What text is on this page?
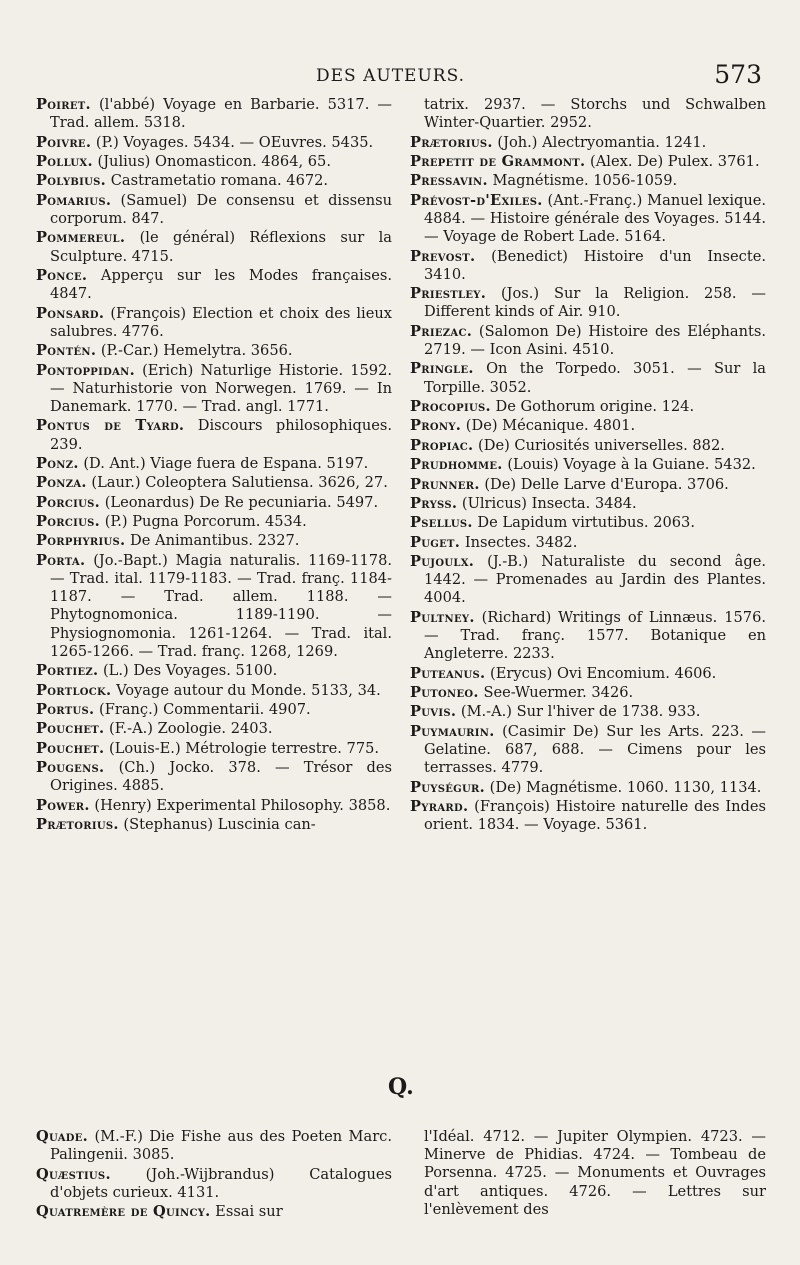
DES AUTEURS.	573

Poiret. (l'abbé) Voyage en Barbarie. 5317. — Trad. allem. 5318.

Poivre. (P.) Voyages. 5434. — OEuvres. 5435.

Pollux. (Julius) Onomasticon. 4864, 65.

Polybius. Castrametatio romana. 4672.

Pomarius. (Samuel) De consensu et dissensu corporum. 847.

Pommereul. (le général) Réflexions sur la Sculpture. 4715.

Ponce. Apperçu sur les Modes françaises. 4847.

Ponsard. (François) Election et choix des lieux salubres. 4776.

Pontén. (P.-Car.) Hemelytra. 3656.

Pontoppidan. (Erich) Naturlige Historie. 1592. — Naturhistorie von Norwegen. 1769. — In Danemark. 1770. — Trad. angl. 1771.

Pontus de Tyard. Discours philosophiques. 239.

Ponz. (D. Ant.) Viage fuera de Espana. 5197.

Ponza. (Laur.) Coleoptera Salutiensa. 3626, 27.

Porcius. (Leonardus) De Re pecuniaria. 5497.

Porcius. (P.) Pugna Porcorum. 4534.

Porphyrius. De Animantibus. 2327.

Porta. (Jo.-Bapt.) Magia naturalis. 1169-1178. — Trad. ital. 1179-1183. — Trad. franç. 1184-1187. — Trad. allem. 1188. — Phytognomonica. 1189-1190. — Physiognomonia. 1261-1264. — Trad. ital. 1265-1266. — Trad. franç. 1268, 1269.

Portiez. (L.) Des Voyages. 5100.

Portlock. Voyage autour du Monde. 5133, 34.

Portus. (Franç.) Commentarii. 4907.

Pouchet. (F.-A.) Zoologie. 2403.

Pouchet. (Louis-E.) Métrologie terrestre. 775.

Pougens. (Ch.) Jocko. 378. — Trésor des Origines. 4885.

Power. (Henry) Experimental Philosophy. 3858.

Prætorius. (Stephanus) Luscinia can-

tatrix. 2937. — Storchs und Schwalben Winter-Quartier. 2952.

Prætorius. (Joh.) Alectryomantia. 1241.

Prepetit de Grammont. (Alex. De) Pulex. 3761.

Pressavin. Magnétisme. 1056-1059.

Prévost-d'Exiles. (Ant.-Franç.) Manuel lexique. 4884. — Histoire générale des Voyages. 5144. — Voyage de Robert Lade. 5164.

Prevost. (Benedict) Histoire d'un Insecte. 3410.

Priestley. (Jos.) Sur la Religion. 258. — Different kinds of Air. 910.

Priezac. (Salomon De) Histoire des Eléphants. 2719. — Icon Asini. 4510.

Pringle. On the Torpedo. 3051. — Sur la Torpille. 3052.

Procopius. De Gothorum origine. 124.

Prony. (De) Mécanique. 4801.

Propiac. (De) Curiosités universelles. 882.

Prudhomme. (Louis) Voyage à la Guiane. 5432.

Prunner. (De) Delle Larve d'Europa. 3706.

Pryss. (Ulricus) Insecta. 3484.

Psellus. De Lapidum virtutibus. 2063.

Puget. Insectes. 3482.

Pujoulx. (J.-B.) Naturaliste du second âge. 1442. — Promenades au Jardin des Plantes. 4004.

Pultney. (Richard) Writings of Linnæus. 1576. — Trad. franç. 1577. Botanique en Angleterre. 2233.

Puteanus. (Erycus) Ovi Encomium. 4606.

Putoneo. See-Wuermer. 3426.

Puvis. (M.-A.) Sur l'hiver de 1738. 933.

Puymaurin. (Casimir De) Sur les Arts. 223. — Gelatine. 687, 688. — Cimens pour les terrasses. 4779.

Puységur. (De) Magnétisme. 1060. 1130, 1134.

Pyrard. (François) Histoire naturelle des Indes orient. 1834. — Voyage. 5361.

Q.

Quade. (M.-F.) Die Fishe aus des Poeten Marc. Palingenii. 3085.

Quæstius. (Joh.-Wijbrandus) Catalogues d'objets curieux. 4131.

Quatremère de Quincy. Essai sur

l'Idéal. 4712. — Jupiter Olympien. 4723. — Minerve de Phidias. 4724. — Tombeau de Porsenna. 4725. — Monuments et Ouvrages d'art antiques. 4726. — Lettres sur l'enlèvement des
